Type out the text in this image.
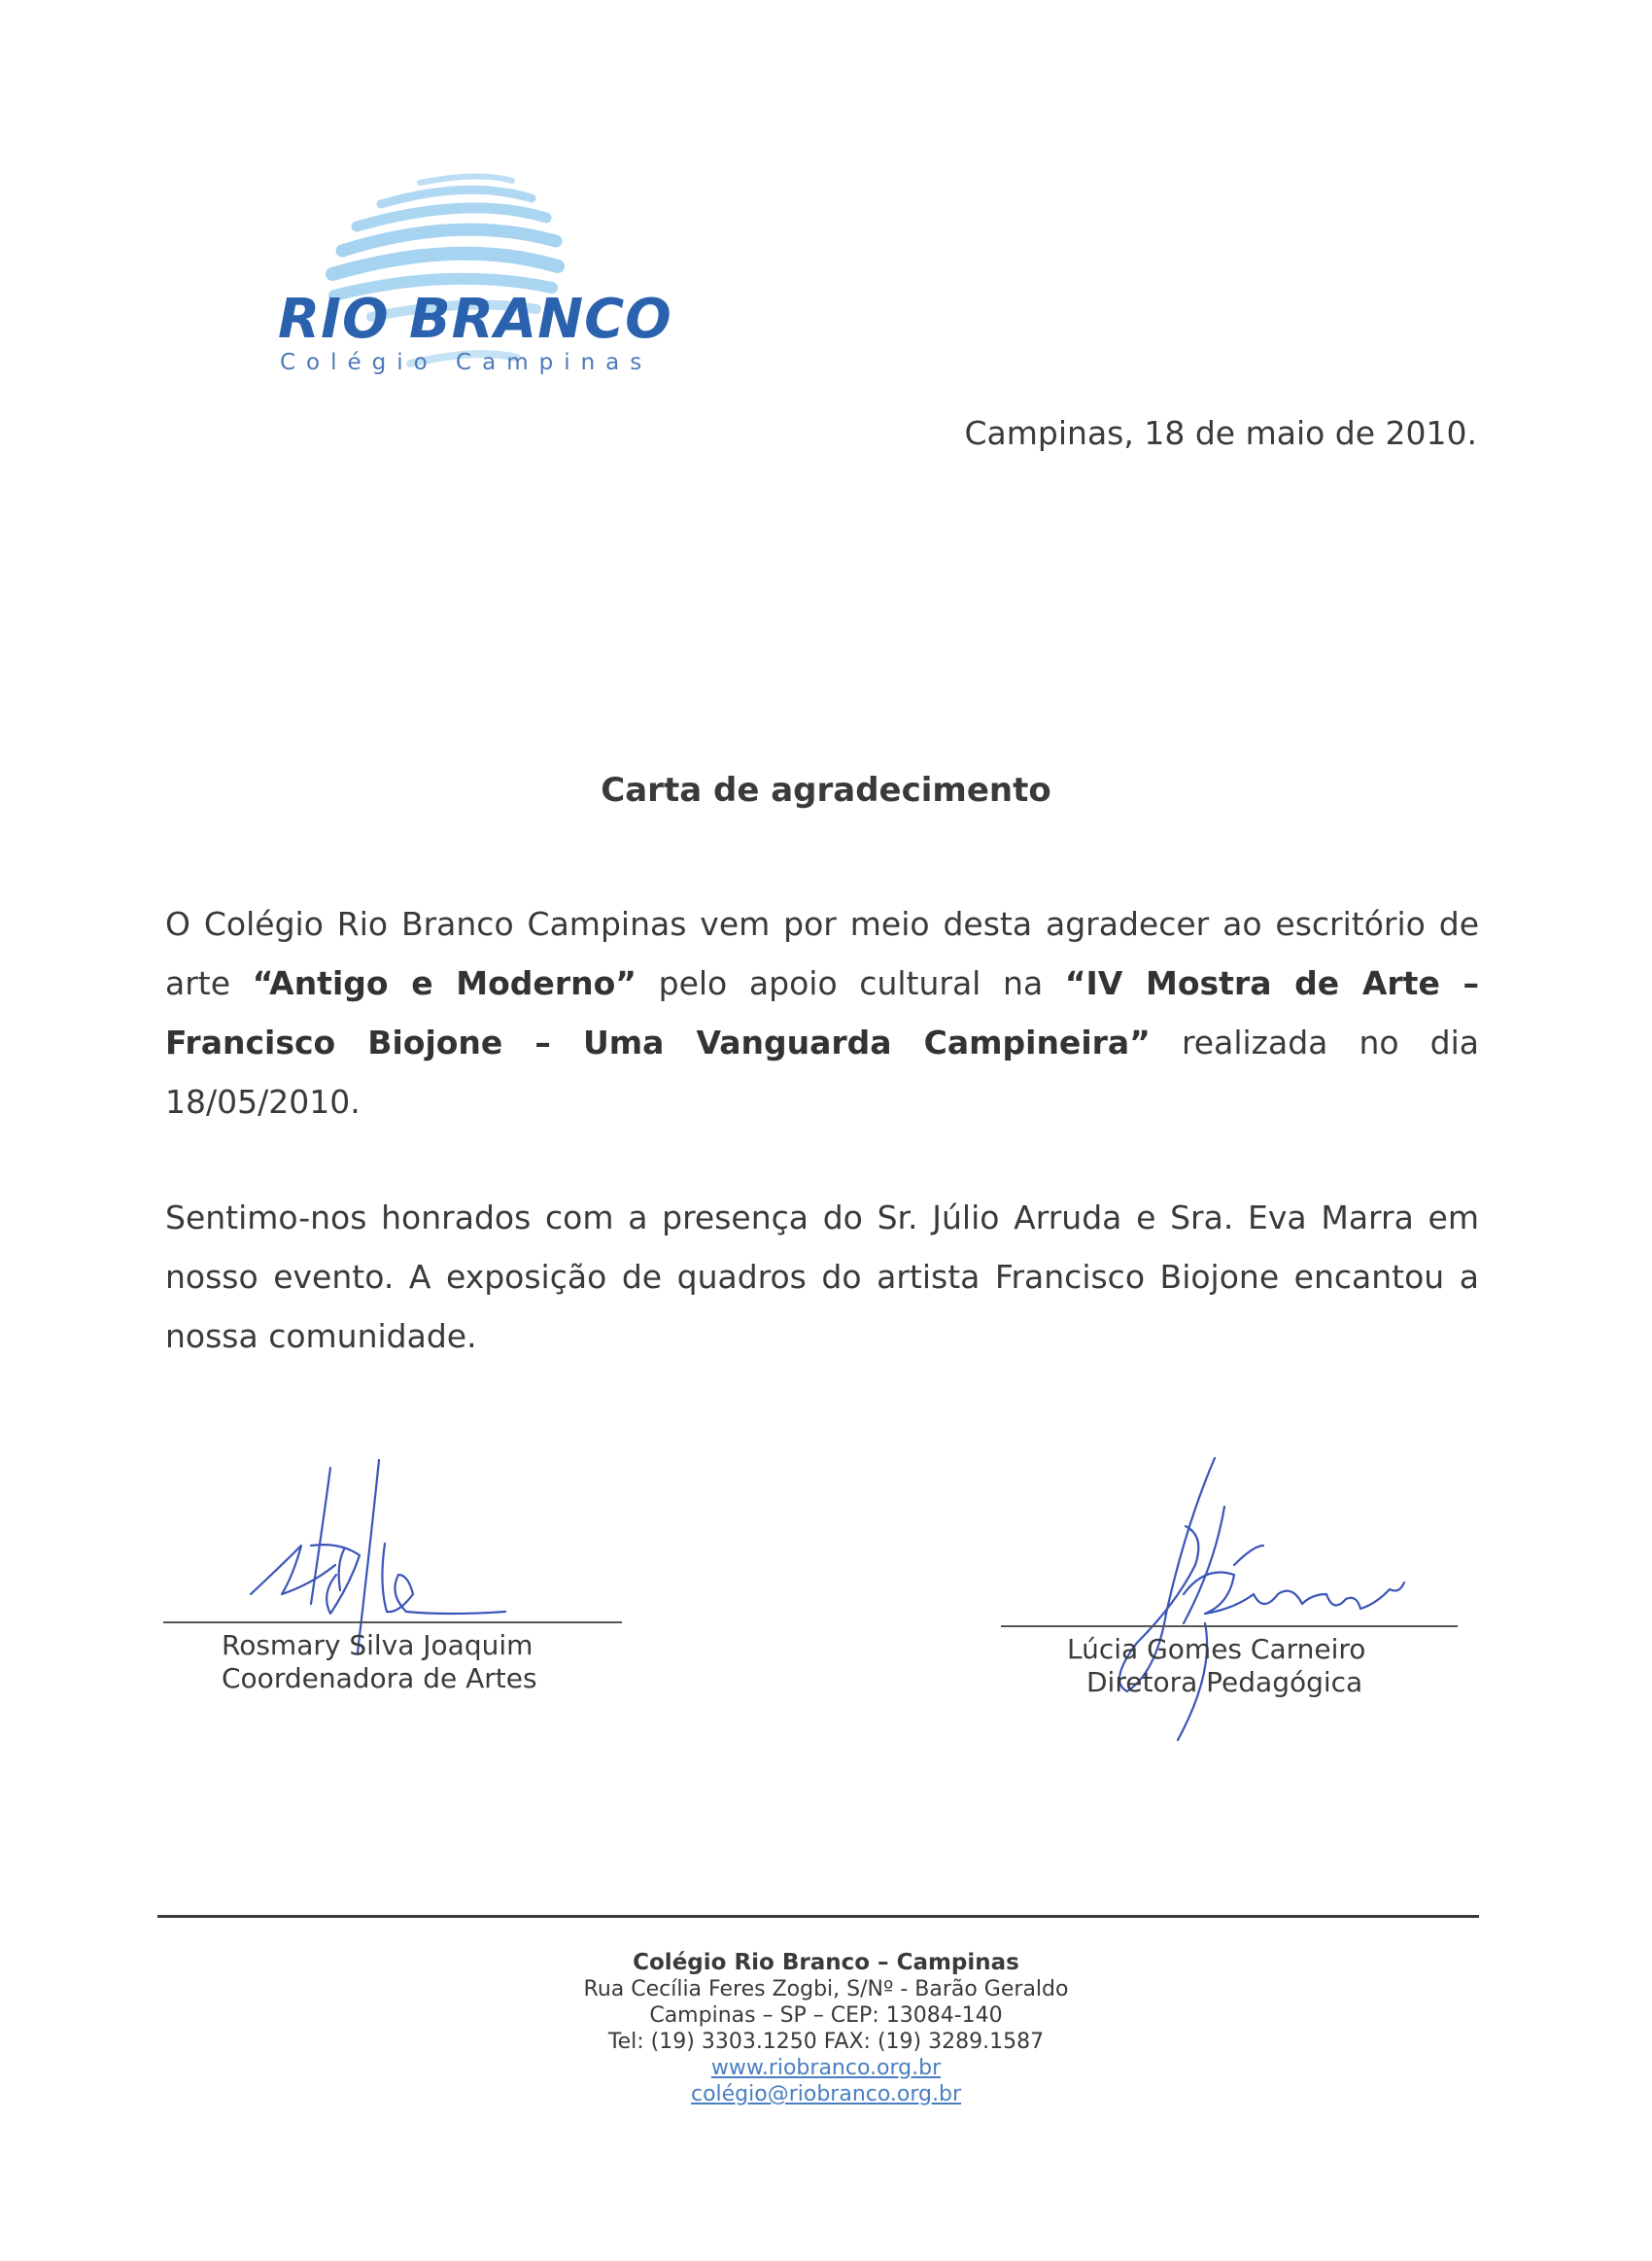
RIO BRANCO
Colégio Campinas
Campinas, 18 de maio de 2010.
Carta de agradecimento
O Colégio Rio Branco Campinas vem por meio desta agradecer ao escritório de arte “Antigo e Moderno” pelo apoio cultural na “IV Mostra de Arte – Francisco Biojone – Uma Vanguarda Campineira” realizada no dia 18/05/2010.
Sentimo-nos honrados com a presença do Sr. Júlio Arruda e Sra. Eva Marra em nosso evento. A exposição de quadros do artista Francisco Biojone encantou a nossa comunidade.
Rosmary Silva Joaquim
Coordenadora de Artes
Lúcia Gomes Carneiro
Diretora Pedagógica
Colégio Rio Branco – Campinas
Rua Cecília Feres Zogbi, S/Nº - Barão Geraldo
Campinas – SP – CEP: 13084-140
Tel: (19) 3303.1250 FAX: (19) 3289.1587
www.riobranco.org.br
colégio@riobranco.org.br
